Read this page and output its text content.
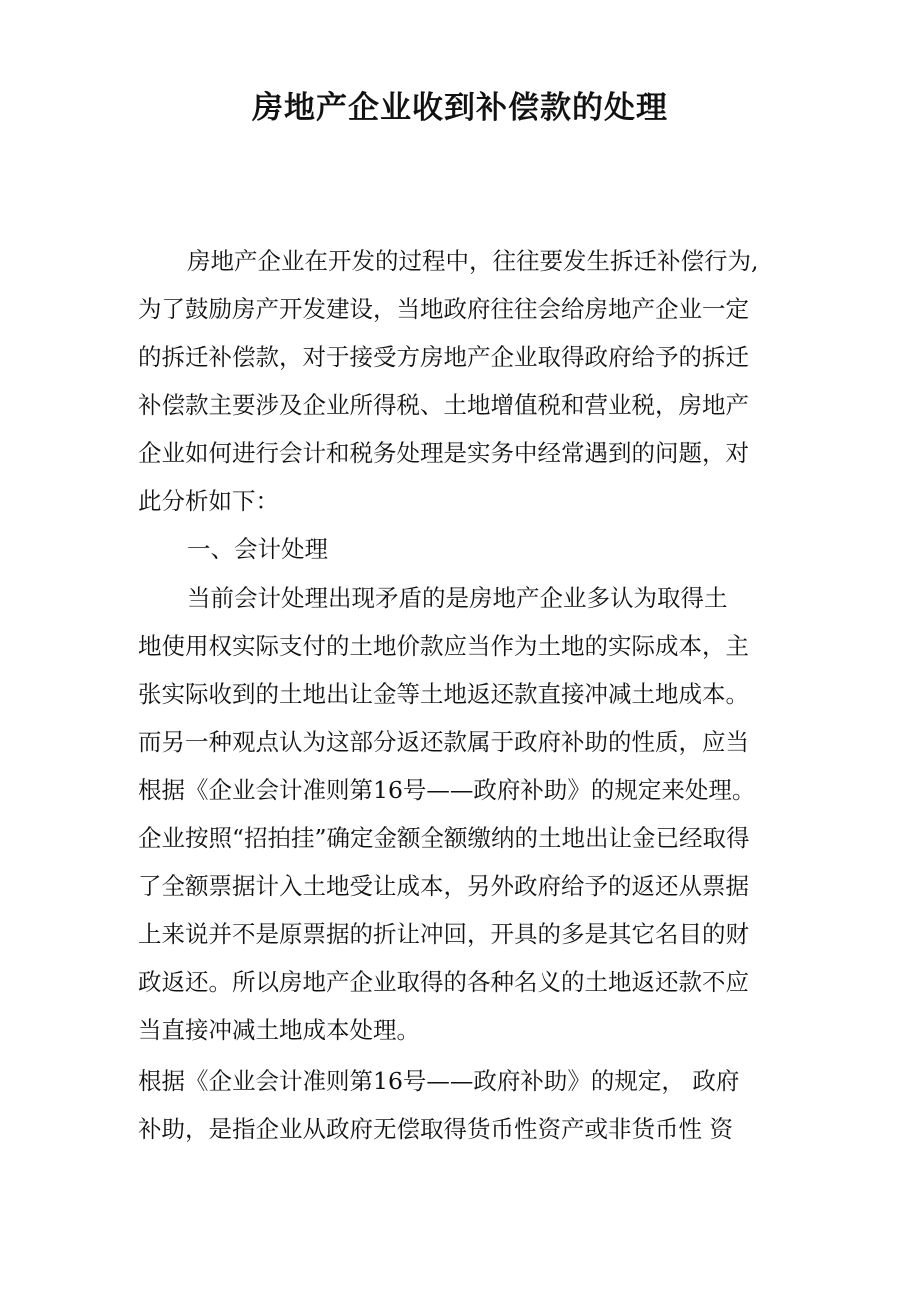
房地产企业收到补偿款的处理
房地产企业在开发的过程中，往往要发生拆迁补偿行为,
为了鼓励房产开发建设，当地政府往往会给房地产企业一定
的拆迁补偿款，对于接受方房地产企业取得政府给予的拆迁
补偿款主要涉及企业所得税、土地增值税和营业税，房地产
企业如何进行会计和税务处理是实务中经常遇到的问题，对
此分析如下：
一、会计处理
当前会计处理出现矛盾的是房地产企业多认为取得土
地使用权实际支付的土地价款应当作为土地的实际成本，主
张实际收到的土地出让金等土地返还款直接冲减土地成本。
而另一种观点认为这部分返还款属于政府补助的性质，应当
根据《企业会计准则第16号——政府补助》的规定来处理。
企业按照“招拍挂”确定金额全额缴纳的土地出让金已经取得
了全额票据计入土地受让成本，另外政府给予的返还从票据
上来说并不是原票据的折让冲回，开具的多是其它名目的财
政返还。所以房地产企业取得的各种名义的土地返还款不应
当直接冲减土地成本处理。
根据《企业会计准则第16号——政府补助》的规定， 政府
补助，是指企业从政府无偿取得货币性资产或非货币性 资
